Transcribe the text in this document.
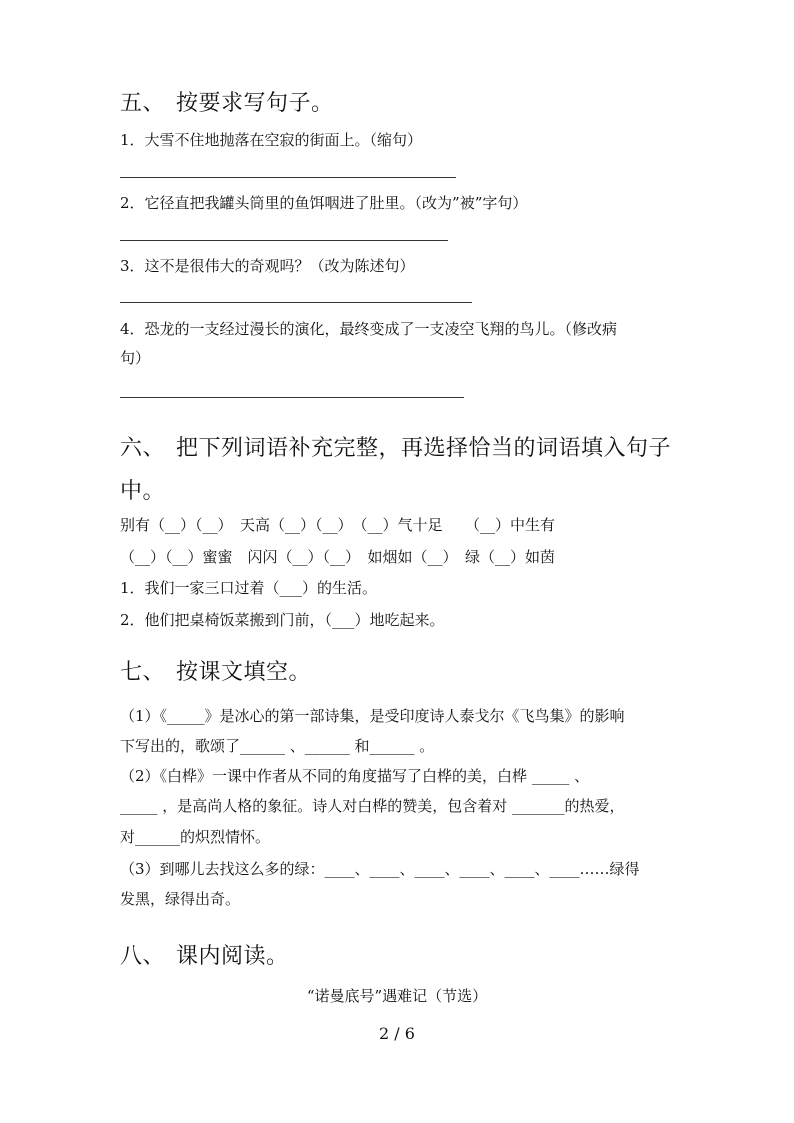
五、 按要求写句子。
1．大雪不住地抛落在空寂的街面上。（缩句）
2．它径直把我罐头筒里的鱼饵咽进了肚里。（改为”被”字句）
3．这不是很伟大的奇观吗？（改为陈述句）
4．恐龙的一支经过漫长的演化，最终变成了一支凌空飞翔的鸟儿。（修改病
句）
六、 把下列词语补充完整，再选择恰当的词语填入句子
中。
别有（__）（__）　天高（__）（__）　（__）气十足　　（__）中生有
（__）（__）蜜蜜　闪闪（__）（__）　如烟如（__）　绿（__）如茵
1．我们一家三口过着（___）的生活。
2．他们把桌椅饭菜搬到门前，（___）地吃起来。
七、 按课文填空。
（1）《_____》是冰心的第一部诗集，是受印度诗人泰戈尔《飞鸟集》的影响
下写出的，歌颂了______ 、______ 和______ 。
（2）《白桦》一课中作者从不同的角度描写了白桦的美，白桦 _____ 、
_____ ，是高尚人格的象征。诗人对白桦的赞美，包含着对 _______的热爱，
对______的炽烈情怀。
（3）到哪儿去找这么多的绿：____、____、____、____、____、____……绿得
发黑，绿得出奇。
八、 课内阅读。
“诺曼底号”遇难记（节选）
2 / 6
